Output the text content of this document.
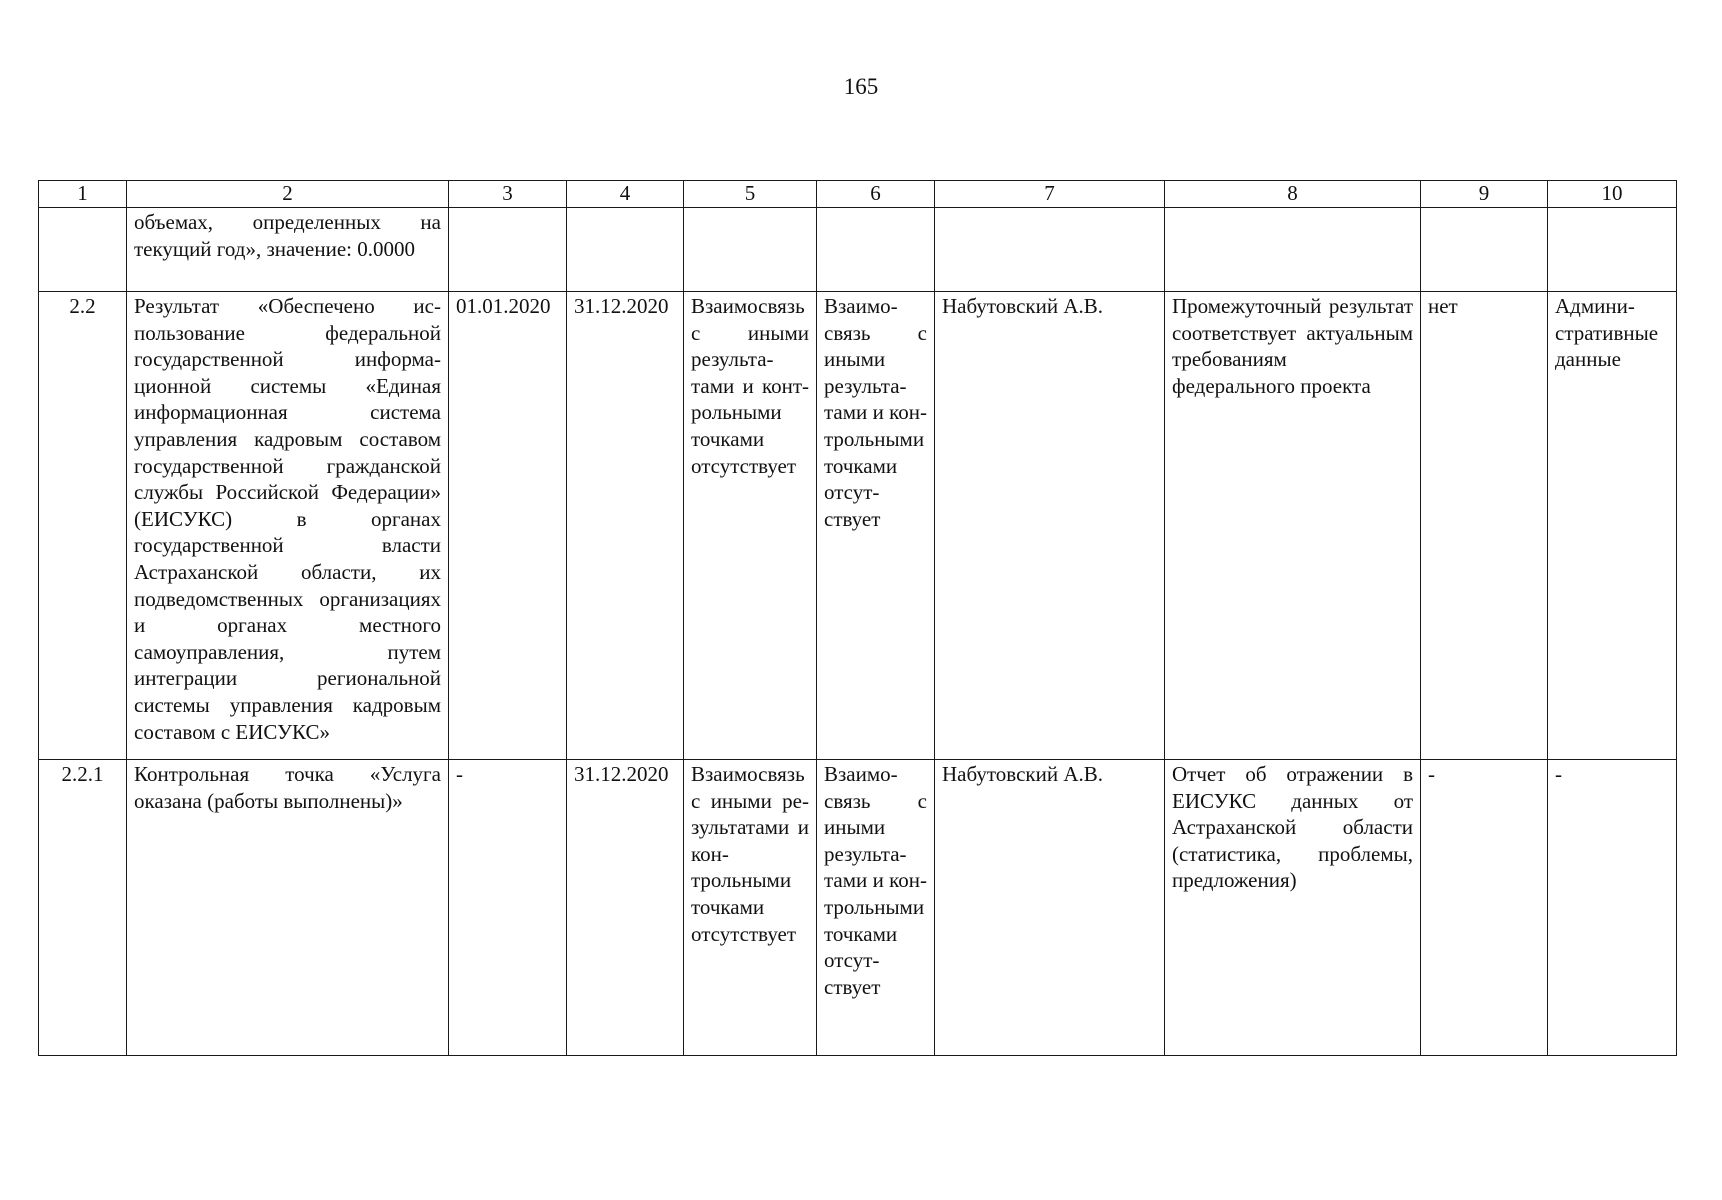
165
1	2	3	4	5	6	7	8	9	10
	объемах, определенных на текущий год», значение: 0.0000								
2.2	Результат «Обеспечено использование федеральной государственной информационной системы «Единая информационная система управления кадровым составом государственной гражданской службы Российской Федерации» (ЕИСУКС) в органах государственной власти Астраханской области, их подведомственных организациях и органах местного самоуправления, путем интеграции региональной системы управления кадровым составом с ЕИСУКС»	01.01.2020	31.12.2020	Взаимосвязь с иными результатами и контрольными точками отсутствует	Взаимосвязь с иными результатами и контрольными точками отсутствует	Набутовский А.В.	Промежуточный результат соответствует актуальным требованиям федерального проекта	нет	Административные данные
2.2.1	Контрольная точка «Услуга оказана (работы выполнены)»	-	31.12.2020	Взаимосвязь с иными результатами и контрольными точками отсутствует	Взаимосвязь с иными результатами и контрольными точками отсутствует	Набутовский А.В.	Отчет об отражении в ЕИСУКС данных от Астраханской области (статистика, проблемы, предложения)	-	-
